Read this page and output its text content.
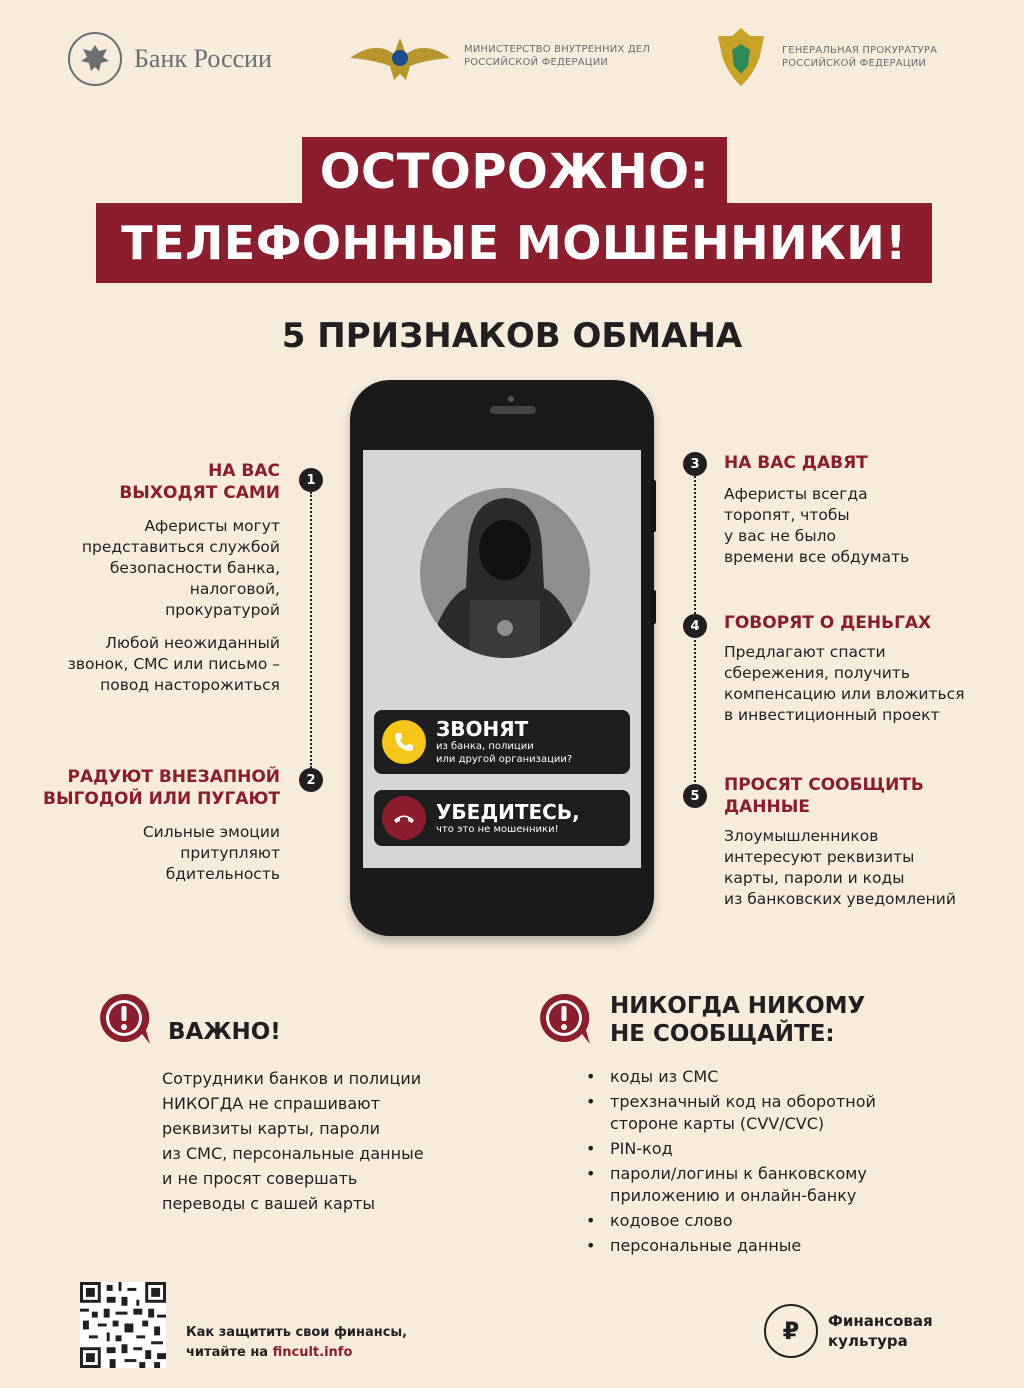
Банк России	МИНИСТЕРСТВО ВНУТРЕННИХ ДЕЛ
РОССИЙСКОЙ ФЕДЕРАЦИИ
ГЕНЕРАЛЬНАЯ ПРОКУРАТУРА
РОССИЙСКОЙ ФЕДЕРАЦИИ
ОСТОРОЖНО:
ТЕЛЕФОННЫЕ МОШЕННИКИ!
5 ПРИЗНАКОВ ОБМАНА
ЗВОНЯТ
из банка, полиции
или другой организации?
УБЕДИТЕСЬ,
что это не мошенники!
1
2
3
4
5
НА ВАС
ВЫХОДЯТ САМИ
Аферисты могут
представиться службой
безопасности банка,
налоговой,
прокуратурой
Любой неожиданный
звонок, СМС или письмо –
повод насторожиться
РАДУЮТ ВНЕЗАПНОЙ
ВЫГОДОЙ ИЛИ ПУГАЮТ
Сильные эмоции
притупляют
бдительность
НА ВАС ДАВЯТ
Аферисты всегда
торопят, чтобы
у вас не было
времени все обдумать
ГОВОРЯТ О ДЕНЬГАХ
Предлагают спасти
сбережения, получить
компенсацию или вложиться
в инвестиционный проект
ПРОСЯТ СООБЩИТЬ
ДАННЫЕ
Злоумышленников
интересуют реквизиты
карты, пароли и коды
из банковских уведомлений
ВАЖНО!
Сотрудники банков и полиции
НИКОГДА не спрашивают
реквизиты карты, пароли
из СМС, персональные данные
и не просят совершать
переводы с вашей карты
НИКОГДА НИКОМУ
НЕ СООБЩАЙТЕ:
• коды из СМС
• трехзначный код на оборотной стороне карты (CVV/CVC)
• PIN-код
• пароли/логины к банковскому приложению и онлайн-банку
• кодовое слово
• персональные данные
Как защитить свои финансы,
читайте на fincult.info
₽	Финансовая
культура
